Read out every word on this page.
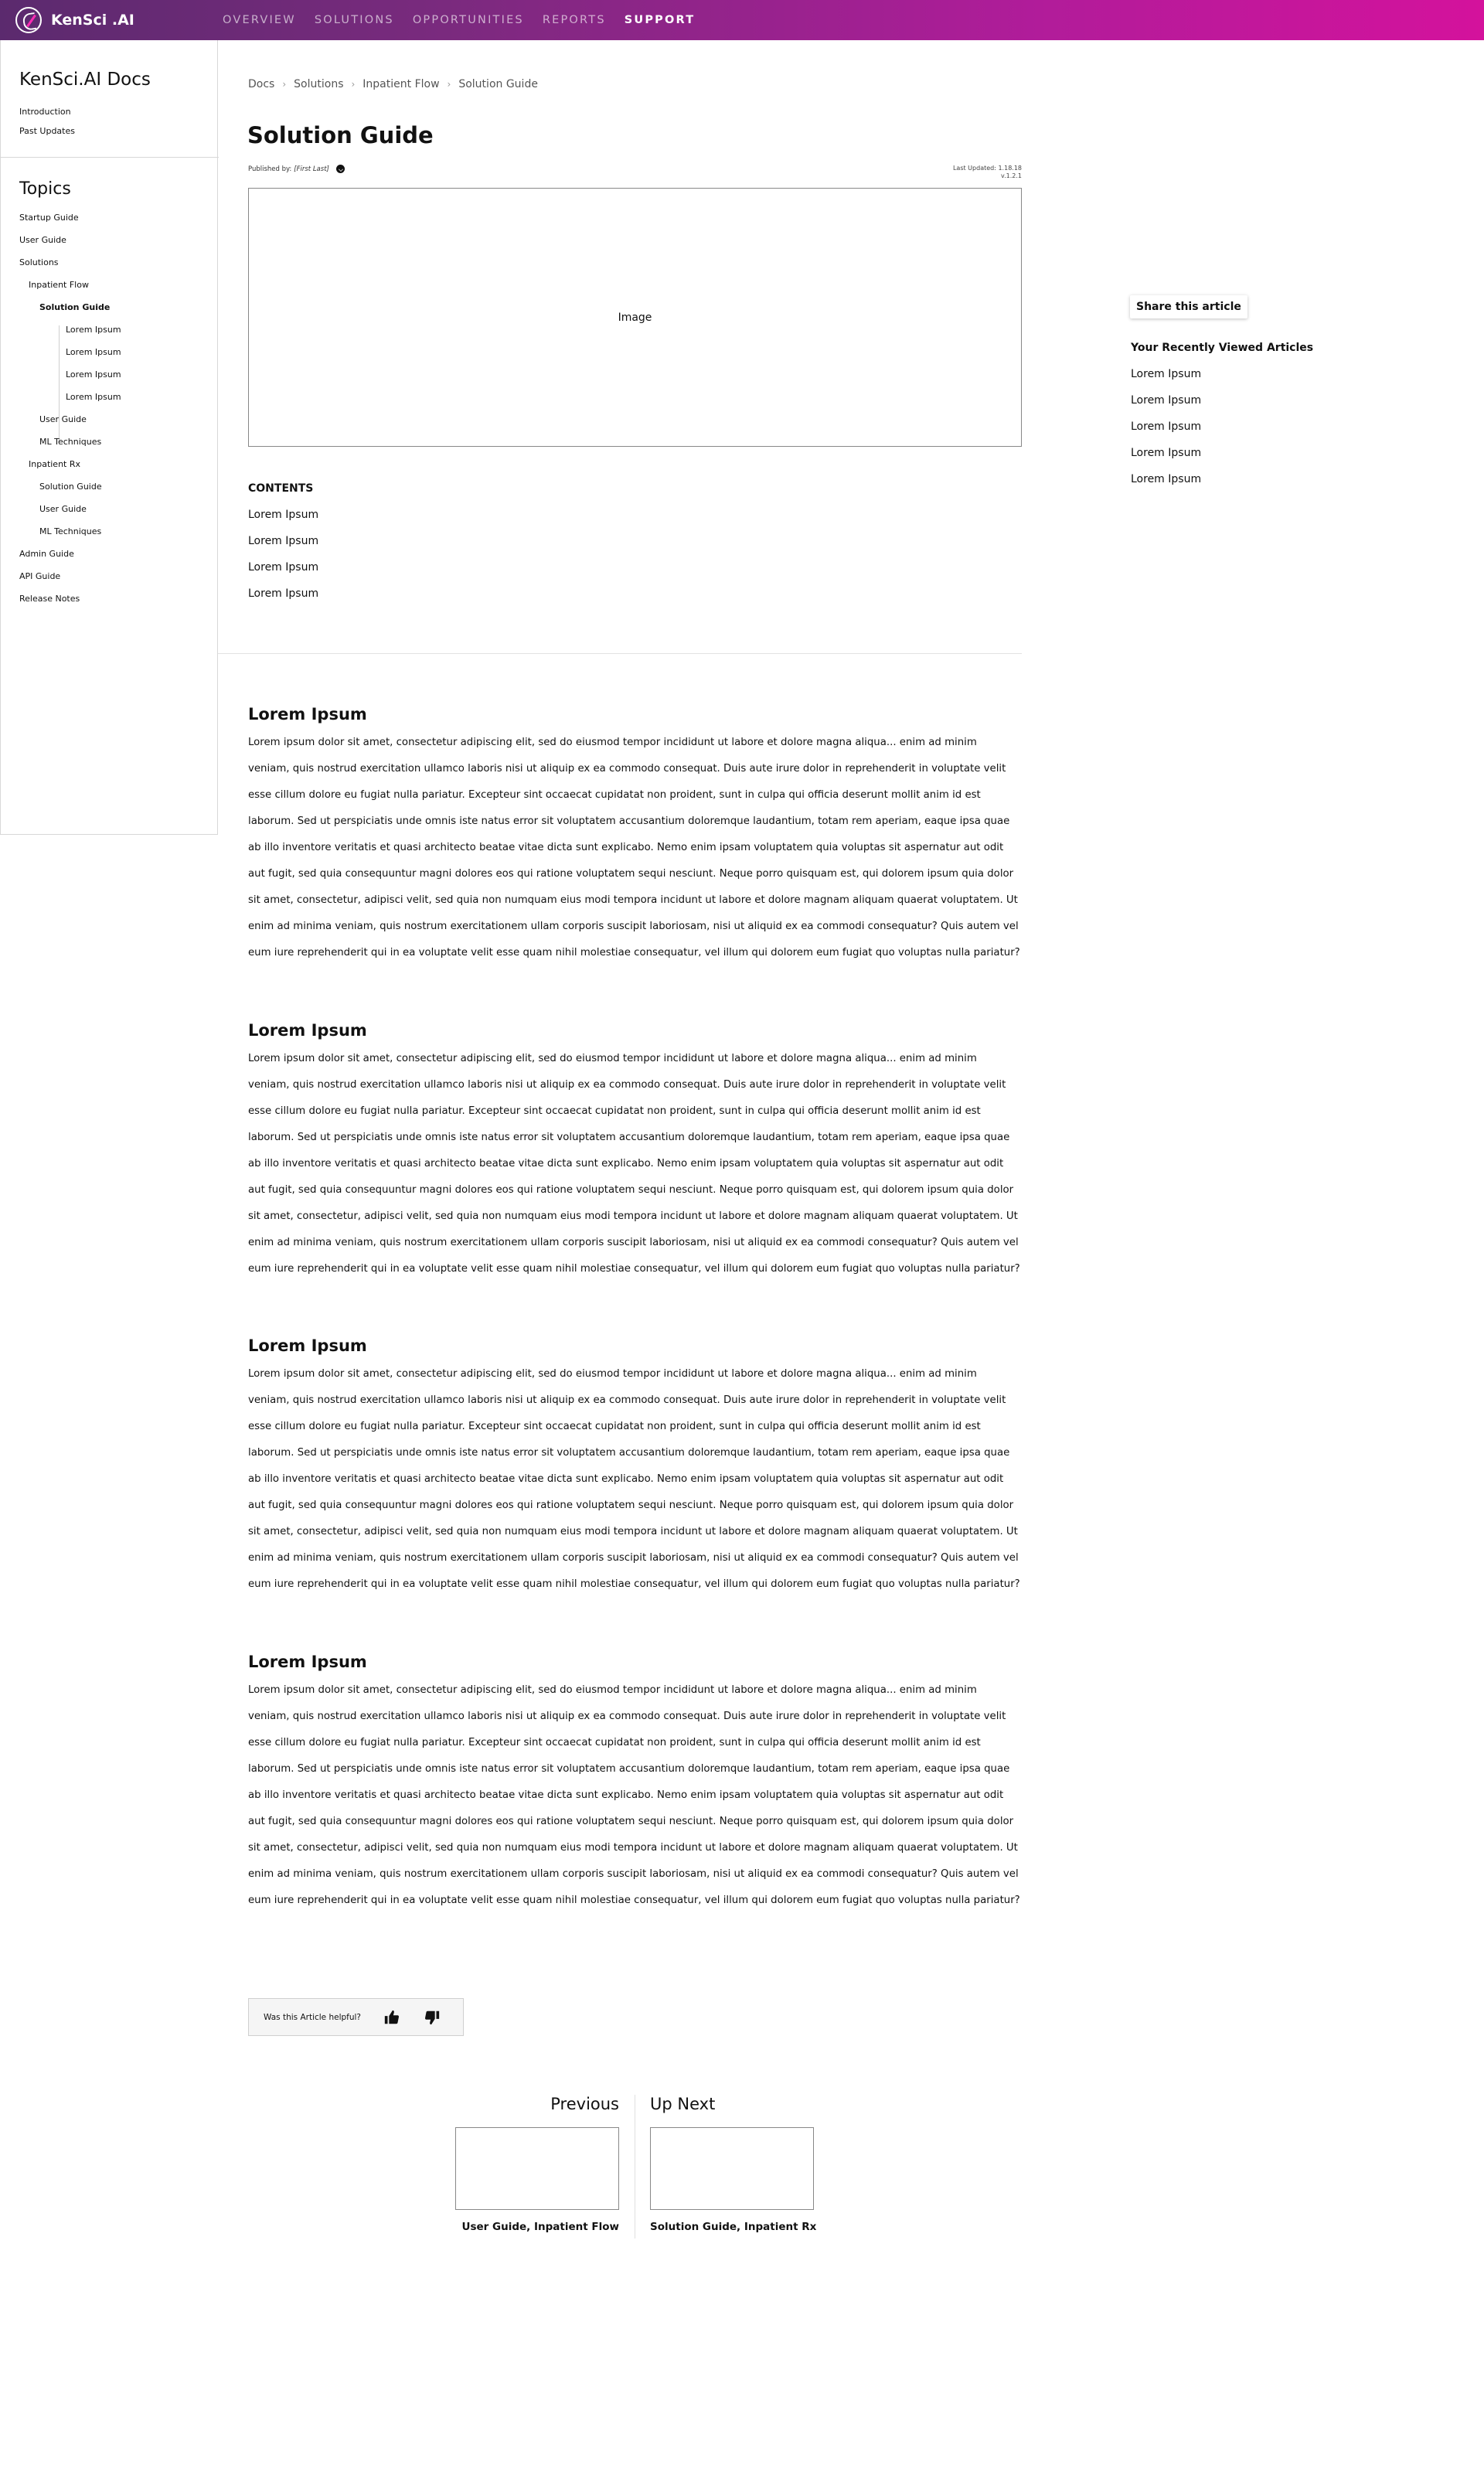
KenSci .AI	OVERVIEW SOLUTIONS OPPORTUNITIES REPORTS SUPPORT
KenSci.AI Docs
Introduction
Past Updates
Topics
Startup Guide
User Guide
Solutions
Inpatient Flow
Solution Guide
Lorem Ipsum
Lorem Ipsum
Lorem Ipsum
Lorem Ipsum
User Guide
ML Techniques
Inpatient Rx
Solution Guide
User Guide
ML Techniques
Admin Guide
API Guide
Release Notes
Docs › Solutions › Inpatient Flow › Solution Guide
Solution Guide
Published by: [First Last]	Last Updated: 1.18.18
v.1.2.1
Image
CONTENTS
Lorem Ipsum
Lorem Ipsum
Lorem Ipsum
Lorem Ipsum
Lorem Ipsum

Lorem ipsum dolor sit amet, consectetur adipiscing elit, sed do eiusmod tempor incididunt ut labore et dolore magna aliqua... enim ad minim veniam, quis nostrud exercitation ullamco laboris nisi ut aliquip ex ea commodo consequat. Duis aute irure dolor in reprehenderit in voluptate velit esse cillum dolore eu fugiat nulla pariatur. Excepteur sint occaecat cupidatat non proident, sunt in culpa qui officia deserunt mollit anim id est laborum. Sed ut perspiciatis unde omnis iste natus error sit voluptatem accusantium doloremque laudantium, totam rem aperiam, eaque ipsa quae ab illo inventore veritatis et quasi architecto beatae vitae dicta sunt explicabo. Nemo enim ipsam voluptatem quia voluptas sit aspernatur aut odit aut fugit, sed quia consequuntur magni dolores eos qui ratione voluptatem sequi nesciunt. Neque porro quisquam est, qui dolorem ipsum quia dolor sit amet, consectetur, adipisci velit, sed quia non numquam eius modi tempora incidunt ut labore et dolore magnam aliquam quaerat voluptatem. Ut enim ad minima veniam, quis nostrum exercitationem ullam corporis suscipit laboriosam, nisi ut aliquid ex ea commodi consequatur? Quis autem vel eum iure reprehenderit qui in ea voluptate velit esse quam nihil molestiae consequatur, vel illum qui dolorem eum fugiat quo voluptas nulla pariatur?

Lorem Ipsum

Lorem ipsum dolor sit amet, consectetur adipiscing elit, sed do eiusmod tempor incididunt ut labore et dolore magna aliqua... enim ad minim veniam, quis nostrud exercitation ullamco laboris nisi ut aliquip ex ea commodo consequat. Duis aute irure dolor in reprehenderit in voluptate velit esse cillum dolore eu fugiat nulla pariatur. Excepteur sint occaecat cupidatat non proident, sunt in culpa qui officia deserunt mollit anim id est laborum. Sed ut perspiciatis unde omnis iste natus error sit voluptatem accusantium doloremque laudantium, totam rem aperiam, eaque ipsa quae ab illo inventore veritatis et quasi architecto beatae vitae dicta sunt explicabo. Nemo enim ipsam voluptatem quia voluptas sit aspernatur aut odit aut fugit, sed quia consequuntur magni dolores eos qui ratione voluptatem sequi nesciunt. Neque porro quisquam est, qui dolorem ipsum quia dolor sit amet, consectetur, adipisci velit, sed quia non numquam eius modi tempora incidunt ut labore et dolore magnam aliquam quaerat voluptatem. Ut enim ad minima veniam, quis nostrum exercitationem ullam corporis suscipit laboriosam, nisi ut aliquid ex ea commodi consequatur? Quis autem vel eum iure reprehenderit qui in ea voluptate velit esse quam nihil molestiae consequatur, vel illum qui dolorem eum fugiat quo voluptas nulla pariatur?

Lorem Ipsum

Lorem ipsum dolor sit amet, consectetur adipiscing elit, sed do eiusmod tempor incididunt ut labore et dolore magna aliqua... enim ad minim veniam, quis nostrud exercitation ullamco laboris nisi ut aliquip ex ea commodo consequat. Duis aute irure dolor in reprehenderit in voluptate velit esse cillum dolore eu fugiat nulla pariatur. Excepteur sint occaecat cupidatat non proident, sunt in culpa qui officia deserunt mollit anim id est laborum. Sed ut perspiciatis unde omnis iste natus error sit voluptatem accusantium doloremque laudantium, totam rem aperiam, eaque ipsa quae ab illo inventore veritatis et quasi architecto beatae vitae dicta sunt explicabo. Nemo enim ipsam voluptatem quia voluptas sit aspernatur aut odit aut fugit, sed quia consequuntur magni dolores eos qui ratione voluptatem sequi nesciunt. Neque porro quisquam est, qui dolorem ipsum quia dolor sit amet, consectetur, adipisci velit, sed quia non numquam eius modi tempora incidunt ut labore et dolore magnam aliquam quaerat voluptatem. Ut enim ad minima veniam, quis nostrum exercitationem ullam corporis suscipit laboriosam, nisi ut aliquid ex ea commodi consequatur? Quis autem vel eum iure reprehenderit qui in ea voluptate velit esse quam nihil molestiae consequatur, vel illum qui dolorem eum fugiat quo voluptas nulla pariatur?

Lorem Ipsum

Lorem ipsum dolor sit amet, consectetur adipiscing elit, sed do eiusmod tempor incididunt ut labore et dolore magna aliqua... enim ad minim veniam, quis nostrud exercitation ullamco laboris nisi ut aliquip ex ea commodo consequat. Duis aute irure dolor in reprehenderit in voluptate velit esse cillum dolore eu fugiat nulla pariatur. Excepteur sint occaecat cupidatat non proident, sunt in culpa qui officia deserunt mollit anim id est laborum. Sed ut perspiciatis unde omnis iste natus error sit voluptatem accusantium doloremque laudantium, totam rem aperiam, eaque ipsa quae ab illo inventore veritatis et quasi architecto beatae vitae dicta sunt explicabo. Nemo enim ipsam voluptatem quia voluptas sit aspernatur aut odit aut fugit, sed quia consequuntur magni dolores eos qui ratione voluptatem sequi nesciunt. Neque porro quisquam est, qui dolorem ipsum quia dolor sit amet, consectetur, adipisci velit, sed quia non numquam eius modi tempora incidunt ut labore et dolore magnam aliquam quaerat voluptatem. Ut enim ad minima veniam, quis nostrum exercitationem ullam corporis suscipit laboriosam, nisi ut aliquid ex ea commodi consequatur? Quis autem vel eum iure reprehenderit qui in ea voluptate velit esse quam nihil molestiae consequatur, vel illum qui dolorem eum fugiat quo voluptas nulla pariatur?

Share this article
Your Recently Viewed Articles
Lorem Ipsum
Lorem Ipsum
Lorem Ipsum
Lorem Ipsum
Lorem Ipsum
Was this Article helpful?
Previous
User Guide, Inpatient Flow
Up Next
Solution Guide, Inpatient Rx
